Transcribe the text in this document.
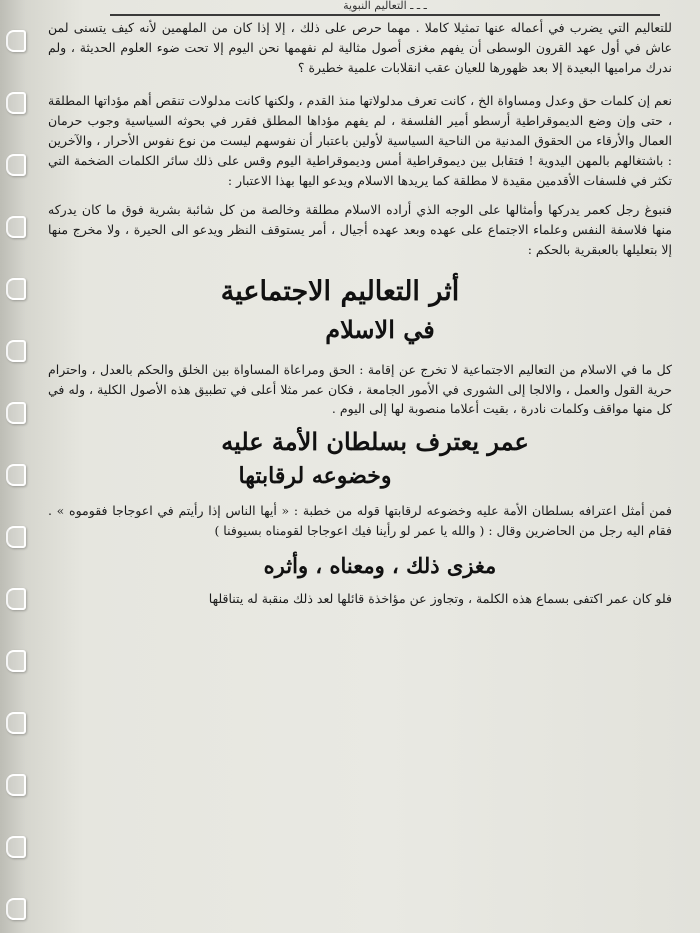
ـ ـ ـ التعاليم النبوية

للتعاليم التي يضرب في أعماله عنها تمثيلا كاملا . مهما حرص على ذلك ، إلا إذا كان من الملهمين لأنه كيف يتسنى لمن عاش في أول عهد القرون الوسطى أن يفهم مغزى أصول مثالية لم نفهمها نحن اليوم إلا تحت ضوء العلوم الحديثة ، ولم ندرك مراميها البعيدة إلا بعد ظهورها للعيان عقب انقلابات علمية خطيرة ؟

نعم إن كلمات حق وعدل ومساواة الخ ، كانت تعرف مدلولاتها منذ القدم ، ولكنها كانت مدلولات تنقص أهم مؤداتها المطلقة ، حتى وإن وضع الديموقراطية أرسطو أمير الفلسفة ، لم يفهم مؤداها المطلق فقرر في بحوثه السياسية وجوب حرمان العمال والأرقاء من الحقوق المدنية من الناحية السياسية لأولين باعتبار أن نفوسهم ليست من نوع نفوس الأحرار ، والآخرين : باشتغالهم بالمهن اليدوية ! فتقابل بين ديموقراطية أمس وديموقراطية اليوم وقس على ذلك سائر الكلمات الضخمة التي تكثر في فلسفات الأقدمين مقيدة لا مطلقة كما يريدها الاسلام ويدعو اليها بهذا الاعتبار :

فنبوغ رجل كعمر يدركها وأمثالها على الوجه الذي أراده الاسلام مطلقة وخالصة من كل شائبة بشرية فوق ما كان يدركه منها فلاسفة النفس وعلماء الاجتماع على عهده وبعد عهده أجيال ، أمر يستوقف النظر ويدعو الى الحيرة ، ولا مخرج منها إلا بتعليلها بالعبقرية بالحكم :

أثر التعاليم الاجتماعية
في الاسلام

كل ما في الاسلام من التعاليم الاجتماعية لا تخرج عن إقامة : الحق ومراعاة المساواة بين الخلق والحكم بالعدل ، واحترام حرية القول والعمل ، والالجا إلى الشورى في الأمور الجامعة ، فكان عمر مثلا أعلى في تطبيق هذه الأصول الكلية ، وله في كل منها مواقف وكلمات نادرة ، بقيت أعلاما منصوبة لها إلى اليوم .

عمر يعترف بسلطان الأمة عليه
وخضوعه لرقابتها

فمن أمثل اعترافه بسلطان الأمة عليه وخضوعه لرقابتها قوله من خطبة : « أيها الناس إذا رأيتم في اعوجاجا فقوموه » . فقام اليه رجل من الحاضرين وقال : ( والله يا عمر لو رأينا فيك اعوجاجا لقومناه بسيوفنا )

مغزى ذلك ، ومعناه ، وأثره

فلو كان عمر اكتفى بسماع هذه الكلمة ، وتجاوز عن مؤاخذة قائلها لعد ذلك منقبة له يتناقلها
